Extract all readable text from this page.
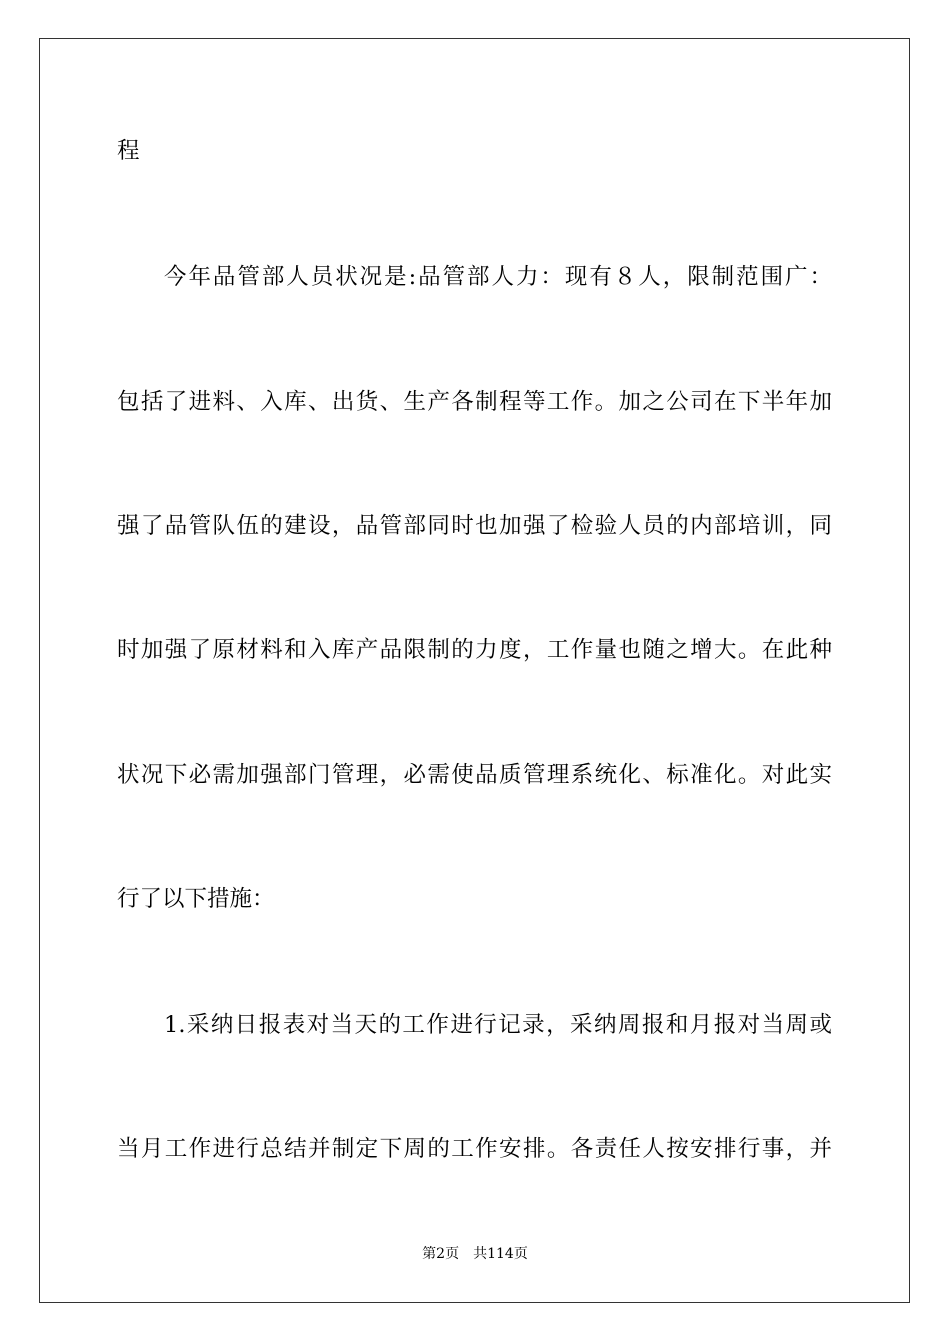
程
今年品管部人员状况是:品管部人力：现有８人，限制范围广：
包括了进料、入库、出货、生产各制程等工作。加之公司在下半年加
强了品管队伍的建设，品管部同时也加强了检验人员的内部培训，同
时加强了原材料和入库产品限制的力度，工作量也随之增大。在此种
状况下必需加强部门管理，必需使品质管理系统化、标准化。对此实
行了以下措施：
1.采纳日报表对当天的工作进行记录，采纳周报和月报对当周或
当月工作进行总结并制定下周的工作安排。各责任人按安排行事，并
第2页 共114页
